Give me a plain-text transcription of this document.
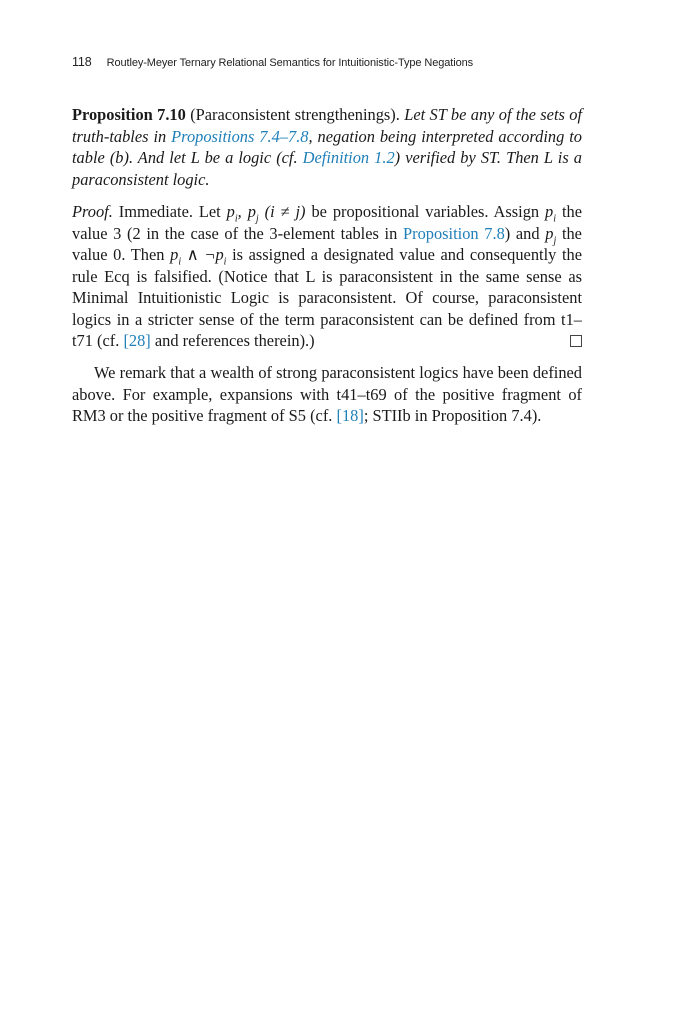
118 Routley-Meyer Ternary Relational Semantics for Intuitionistic-Type Negations
Proposition 7.10 (Paraconsistent strengthenings). Let ST be any of the sets of truth-tables in Propositions 7.4–7.8, negation being interpreted according to table (b). And let L be a logic (cf. Definition 1.2) verified by ST. Then L is a paraconsistent logic.
Proof. Immediate. Let $p_i$, $p_j$ (i ≠ j) be propositional variables. Assign $p_i$ the value 3 (2 in the case of the 3-element tables in Proposition 7.8) and $p_j$ the value 0. Then $p_i$ ∧ $\neg p_i$ is assigned a designated value and consequently the rule Ecq is falsified. (Notice that L is paraconsistent in the same sense as Minimal Intuitionistic Logic is paraconsistent. Of course, paraconsistent logics in a stricter sense of the term paraconsistent can be defined from t1–t71 (cf. [28] and references therein).)
We remark that a wealth of strong paraconsistent logics have been defined above. For example, expansions with t41–t69 of the positive fragment of RM3 or the positive fragment of S5 (cf. [18]; STIIb in Proposition 7.4).
